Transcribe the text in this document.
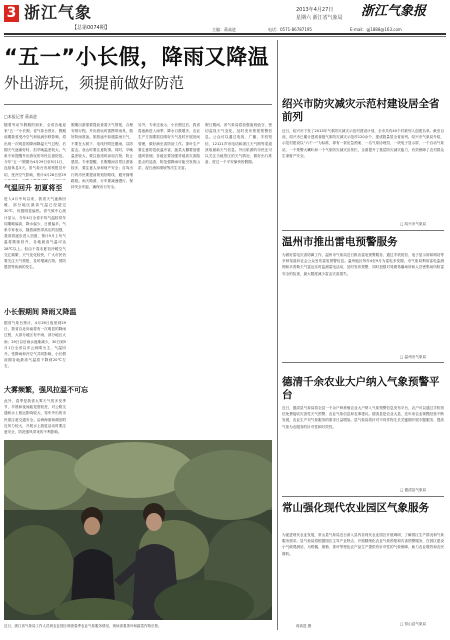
3 浙江气象
【总第0074期】
2013年4月27日
星期六 浙江省气象局 浙江气象报
主编：蒋高进	电话：0571-86787195	E-mail：gj1888@163.com
“五一”小长假，降雨又降温
外出游玩，须提前做好防范
□本报记者 蒋高进
随着劳动节假期的到来，全省各地迎来“五一”小长假。省气象台预计，假期前期我省受冷空气和低涡东移影响，将出现一次明显的降雨降温天气过程，后期天气逐渐好转，但早晚温差较大，气象专家提醒外出游玩的市民注意防范。今年“五一”假期为4月29日至5月1日，连续休息3天。省气象台首席预报员介绍，受冷空气影响，预计4月28日至29
气温回升 初夏将至
进入4月中旬以来，我省天气逐渐回暖，部分地区最高气温已经超过30℃，体感明显偏热。省气候中心统计显示，今年4月全省平均气温较常年同期略偏高，降水偏少，日照偏多。气象专家表示，随着副热带高压的加强，我省将逐步进入初夏，预计5月上旬气温将继续回升，各地最高气温可达28℃以上。但由于春末夏初冷暖空气交汇频繁，天气变化较快，广大市民仍要关注天气预报，及时增减衣物，预防感冒等疾病的发生。
小长假期间 降雨又降温
据省气象台预计，4月28日夜里到29日，我省自北向南将有一次明显的降雨过程，大部分地区有中雨，部分地区大雨；29日以后雨水逐渐减少，30日到5月1日全省以多云到晴为主，气温回升。受降雨和冷空气共同影响，小长假前期各地最高气温将下降到20℃左右。
大雾频繁，强风拉温不可忘
此外，春季是我省大雾天气的多发季节，早晨和夜间能见度较差，对公路交通和水上航运影响较大，驾车外出的市民需注意交通安全。沿海海面和湖泊附近风力较大，开展水上游览活动时要注意安全，防范强风带来的不利影响。
假期出游需要提前查看天气预报，合理安排行程。外出游玩时需携带雨具，做好防雨准备。旅游途中如遇雷雨天气，不要在大树下、电线杆附近避雨，以防雷击。登山时要注意防滑。同时，早晚温差较大，要注意适时添加衣物，防止感冒。专家提醒，长假期间各景区游客较多，要注意人身和财产安全；自驾出行的市民要提前规划好路线，避开拥堵路段。雨天路滑，行车要减速慢行，保持安全车距，确保出行安全。
另外，专家还表示，小长假过后，我省将逐渐进入雨季，降水日数增多，农业生产方面要抓住晴好天气及时开展田间管理，做好病虫害防治工作。茶叶生产要注意防范低温冷害，蔬菜大棚要加强通风管理。各地还要加强对地质灾害隐患点的巡查，防范强降雨可能引发的山洪、泥石流和滑坡等次生灾害。
假日期间，省气象局将加强值班值守，密切监视天气变化，及时发布预报预警信息。公众可以通过电视、广播、手机短信、12121声讯电话和浙江天气网等渠道获取最新天气信息。外出旅游的市民还可以关注当地景区的天气情况，做好出行准备，度过一个平安愉快的假期。
近日，浙江省气象局工作人员到农业园区调查春季农业气象服务情况，现场查看茶叶和蔬菜作物长势。	蒋高进 摄
绍兴市防灾减灾示范村建设居全省前列
近日，绍兴市下发了2013年气象防灾减灾示范村建设计划，全市共有40个村被列入创建名单。截至目前，绍兴市已累计建成省级气象防灾减灾示范村120余个，建成数量居全省前列。绍兴市气象局介绍，示范村建设以“六个一”为标准，即有一套应急预案、一名气象协理员、一块电子显示屏、一个自动气象站、一个预警大喇叭和一个气象防灾减灾宣传栏，全面提升了基层防灾减灾能力，有效保障了农村群众生命财产安全。
□ 绍兴市气象局
温州市推出雷电预警服务
为做好雷电灾害防御工作，温州市气象局近日推出雷电预警服务，通过手机短信、电子显示屏和网站等多种渠道向社会公众发布雷电预警信息。温州地区每年4至9月为雷电多发期，市气象局利用雷电监测网和多普勒天气雷达实时监测雷电活动，及时发布预警，同时加强对易燃易爆场所和人员密集场所防雷安全的检查，最大限度减少雷击灾害损失。
□ 温州市气象局
德清千余农业大户纳入气象预警平台
近日，德清县气象局将全县一千余户种养殖农业大户纳入气象预警信息发布平台，农户可以通过手机短信免费接收灾害性天气预警、农业气象信息和农事建议。德清县是农业大县，近年来农业规模经营不断发展，农业生产对气象服务的需求日益增加。县气象局将针对不同作物生长关键期开展专题服务，提高气象为农服务的针对性和时效性。
□ 德清县气象局
常山强化现代农业园区气象服务
为促进现代农业发展，常山县气象局近日深入县内各现代农业园区开展调研，了解园区生产情况和气象服务需求。县气象局将根据园区主导产业特点，开展精细化农业气象预报和灾害预警服务，在园区建设小气候观测站，为柑橘、胡柚、茶叶等特色农产品生产提供有针对性的气象保障，助力农业增效和农民增收。
□ 常山县气象局
